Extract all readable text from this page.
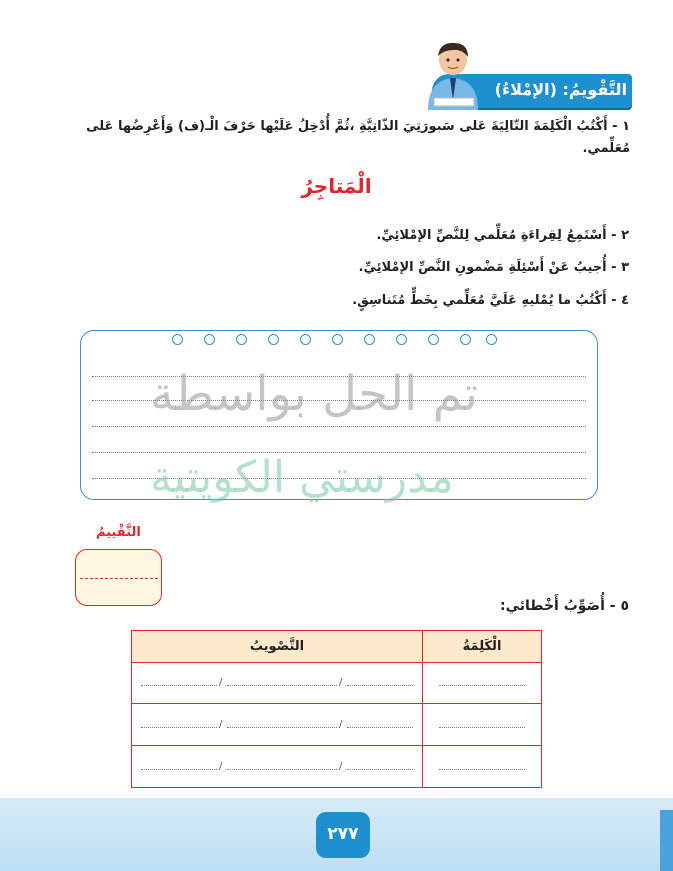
التَّقْويمُ: (الإمْلاءُ)
١ - أَكْتُبُ الْكَلِمَةَ التّالِيَةَ عَلى سَبورَتِيَ الذّاتِيَّةِ ،ثُمَّ أُدْخِلُ عَلَيْها حَرْفَ الْـ(ف) وَأَعْرِضُها عَلى مُعَلِّمي.
الْمَتاجِرُ
٢ - أَسْتَمِعُ لِقِراءَةِ مُعَلِّمي لِلنَّصِّ الإمْلائِيِّ.
٣ - أُجيبُ عَنْ أَسْئِلَةِ مَضْمونِ النَّصِّ الإمْلائِيِّ.
٤ - أَكْتُبُ ما يُمْليهِ عَلَيَّ مُعَلِّمي بِخَطٍّ مُتَناسِقٍ.
تم الحل بواسطة
مدرستي الكويتية
التَّقْييمُ
٥ - أُصَوِّبُ أَخْطائي:
الْكَلِمَةُ	التَّصْويبُ

	/ /

	/ /

	/ /
٢٧٧
